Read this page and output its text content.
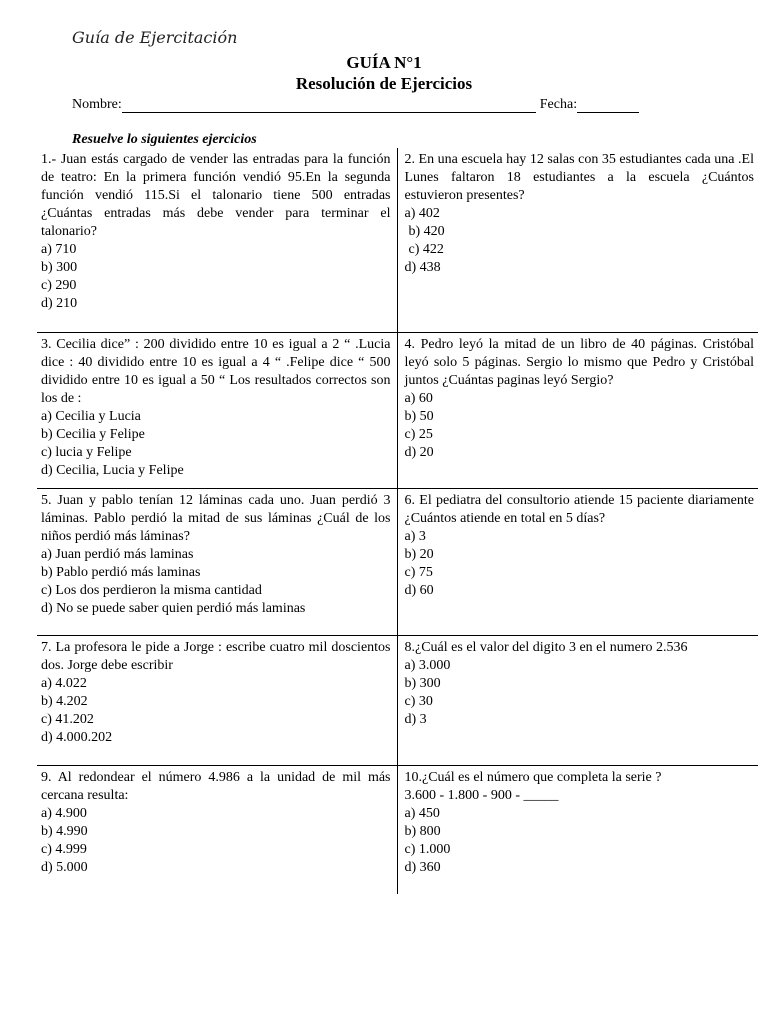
Guía de Ejercitación
GUÍA N°1
Resolución de Ejercicios
Nombre:	Fecha:
Resuelve lo siguientes ejercicios
1.- Juan estás cargado de vender las entradas para la función de teatro: En la primera función vendió 95.En la segunda función vendió 115.Si el talonario tiene 500 entradas ¿Cuántas entradas más debe vender para terminar el talonario?
a) 710
b) 300
c) 290
d) 210
2. En una escuela hay 12 salas con 35 estudiantes cada una .El Lunes faltaron 18 estudiantes a la escuela ¿Cuántos estuvieron presentes?
a) 402
b) 420
c) 422
d) 438
3. Cecilia dice” : 200 dividido entre 10 es igual a 2 “ .Lucia dice : 40 dividido entre 10 es igual a 4 “ .Felipe dice “ 500 dividido entre 10 es igual a 50 “ Los resultados correctos son los de :
a) Cecilia y Lucia
b) Cecilia y Felipe
c) lucia y Felipe
d) Cecilia, Lucia y Felipe
4. Pedro leyó la mitad de un libro de 40 páginas. Cristóbal leyó solo 5 páginas. Sergio lo mismo que Pedro y Cristóbal juntos ¿Cuántas paginas leyó Sergio?
a) 60
b) 50
c) 25
d) 20
5. Juan y pablo tenían 12 láminas cada uno. Juan perdió 3 láminas. Pablo perdió la mitad de sus láminas ¿Cuál de los niños perdió más láminas?
a) Juan perdió más laminas
b) Pablo perdió más laminas
c) Los dos perdieron la misma cantidad
d) No se puede saber quien perdió más laminas
6. El pediatra del consultorio atiende 15 paciente diariamente ¿Cuántos atiende en total en 5 días?
a) 3
b) 20
c) 75
d) 60
7. La profesora le pide a Jorge : escribe cuatro mil doscientos dos. Jorge debe escribir
a) 4.022
b) 4.202
c) 41.202
d) 4.000.202
8.¿Cuál es el valor del digito 3 en el numero 2.536
a) 3.000
b) 300
c) 30
d) 3
9. Al redondear el número 4.986 a la unidad de mil más cercana resulta:
a) 4.900
b) 4.990
c) 4.999
d) 5.000
10.¿Cuál es el número que completa la serie ?
3.600 - 1.800 - 900 - _____
a) 450
b) 800
c) 1.000
d) 360
